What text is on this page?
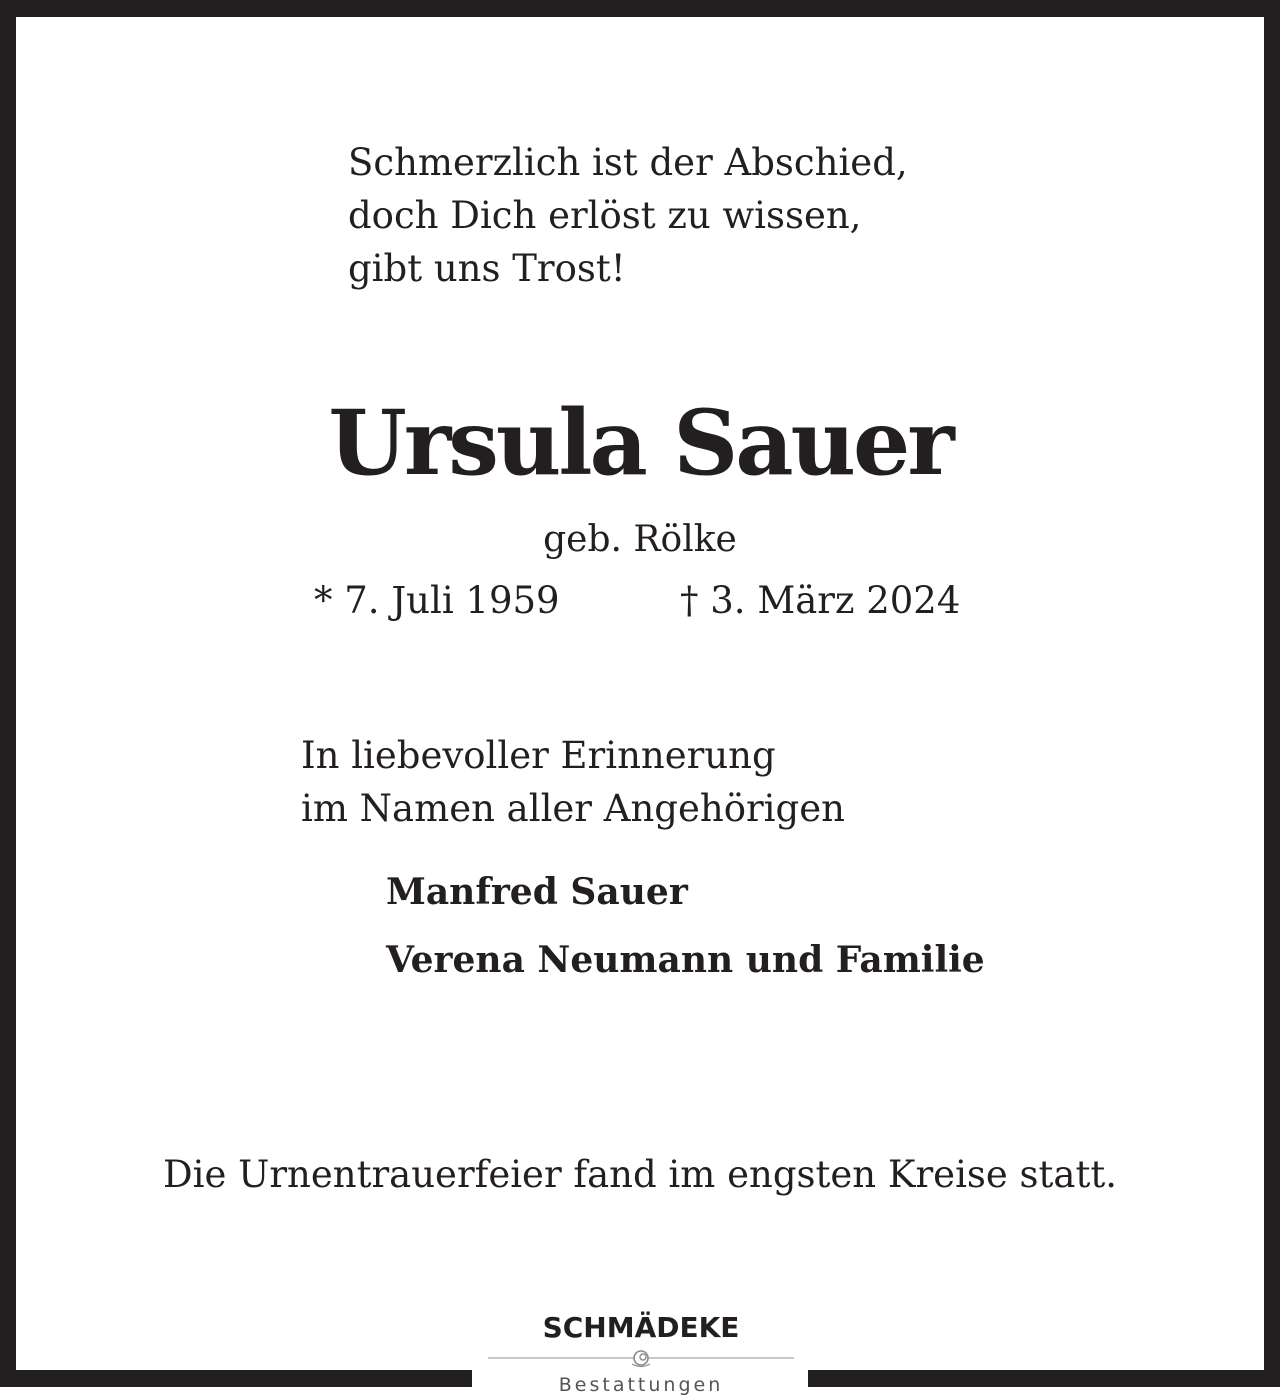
Schmerzlich ist der Abschied,
doch Dich erlöst zu wissen,
gibt uns Trost!
Ursula Sauer
geb. Rölke
* 7. Juli 1959	† 3. März 2024
In liebevoller Erinnerung
im Namen aller Angehörigen
Manfred Sauer
Verena Neumann und Familie
Die Urnentrauerfeier fand im engsten Kreise statt.
SCHMÄDEKE
Bestattungen
